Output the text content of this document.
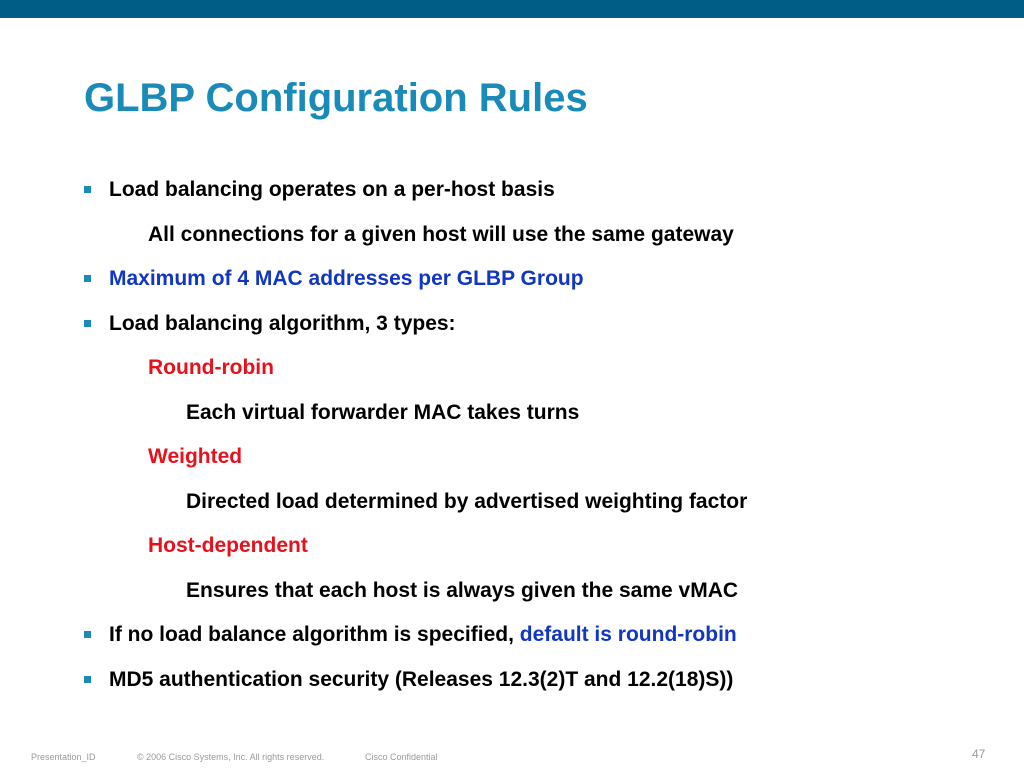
GLBP Configuration Rules
Load balancing operates on a per-host basis
All connections for a given host will use the same gateway
Maximum of 4 MAC addresses per GLBP Group
Load balancing algorithm, 3 types:
Round-robin
Each virtual forwarder MAC takes turns
Weighted
Directed load determined by advertised weighting factor
Host-dependent
Ensures that each host is always given the same vMAC
If no load balance algorithm is specified, default is round-robin
MD5 authentication security (Releases 12.3(2)T and 12.2(18)S))
Presentation_ID	© 2006 Cisco Systems, Inc. All rights reserved.	Cisco Confidential	47
